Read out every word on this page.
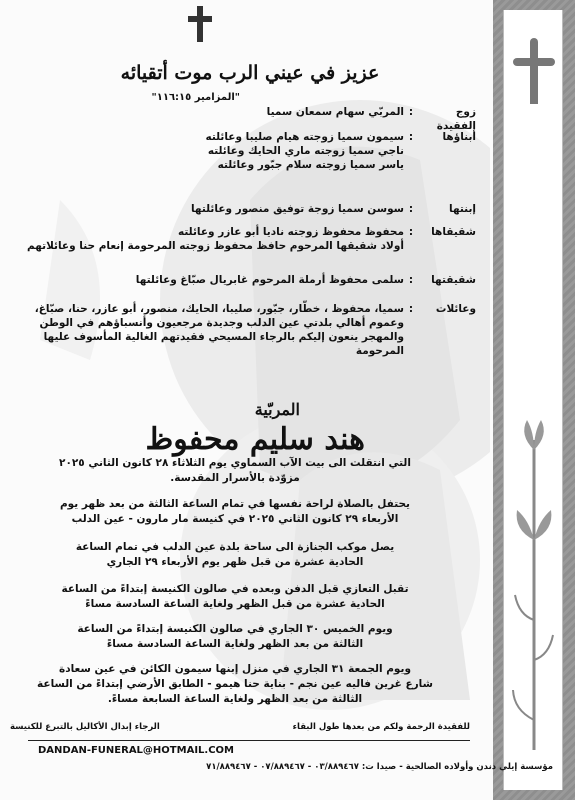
عزيز في عيني الرب موت أتقيائه
"المزامير ١١٦:١٥"
زوج الفقيدة
:
المربّي سهام سمعان سميا
أبناؤها
:
سيمون سميا زوجته هيام صليبا وعائلته
ناجي سميا زوجته ماري الحايك وعائلته
ياسر سميا زوجته سلام جبّور وعائلته
إبنتها
:
سوسن سميا زوجة توفيق منصور وعائلتها
شقيقاها
:
محفوظ محفوظ زوجته ناديا أبو عازر وعائلته
أولاد شقيقها المرحوم حافظ محفوظ زوجته المرحومة إنعام حنا وعائلاتهم
شقيقتها
:
سلمى محفوظ أرملة المرحوم غابريال صبّاغ وعائلتها
وعائلات
:
سميا، محفوظ ، خطّار، جبّور، صليبا، الحايك، منصور، أبو عازر، حنا، صبّاغ، وعموم أهالي بلدتي عين الدلب وجديدة مرجعيون وأنسباؤهم في الوطن والمهجر ينعون إليكم بالرجاء المسيحي فقيدتهم الغالية المأسوف عليها المرحومة
المربّية
هند سليم محفوظ
التي انتقلت الى بيت الآب السماوي يوم الثلاثاء ٢٨ كانون الثاني ٢٠٢٥
مزوّدة بالأسرار المقدسة.
يحتفل بالصلاة لراحة نفسها في تمام الساعة الثالثة من بعد ظهر يوم
الأربعاء ٢٩ كانون الثاني ٢٠٢٥ في كنيسة مار مارون - عين الدلب
يصل موكب الجنازة الى ساحة بلدة عين الدلب في تمام الساعة
الحادية عشرة من قبل ظهر يوم الأربعاء ٢٩ الجاري
تقبل التعازي قبل الدفن وبعده في صالون الكنيسة إبتداءً من الساعة
الحادية عشرة من قبل الظهر ولغاية الساعة السادسة مساءً
ويوم الخميس ٣٠ الجاري في صالون الكنيسة إبتداءً من الساعة
الثالثة من بعد الظهر ولغاية الساعة السادسة مساءً
ويوم الجمعة ٣١ الجاري في منزل إبنها سيمون الكائن في عين سعادة
شارع غرين فاليه عين نجم - بناية حنا هيمو - الطابق الأرضي إبتداءً من الساعة
الثالثة من بعد الظهر ولغاية الساعة السابعة مساءً.
للفقيدة الرحمة ولكم من بعدها طول البقاء
الرجاء إبدال الأكاليل بالتبرع للكنيسة
DANDAN-FUNERAL@HOTMAIL.COM
مؤسسة إيلي دندن وأولاده الصالحية - صيدا ت: ٠٣/٨٨٩٤٦٧ - ٠٧/٨٨٩٤٦٧ - ٧١/٨٨٩٤٦٧
